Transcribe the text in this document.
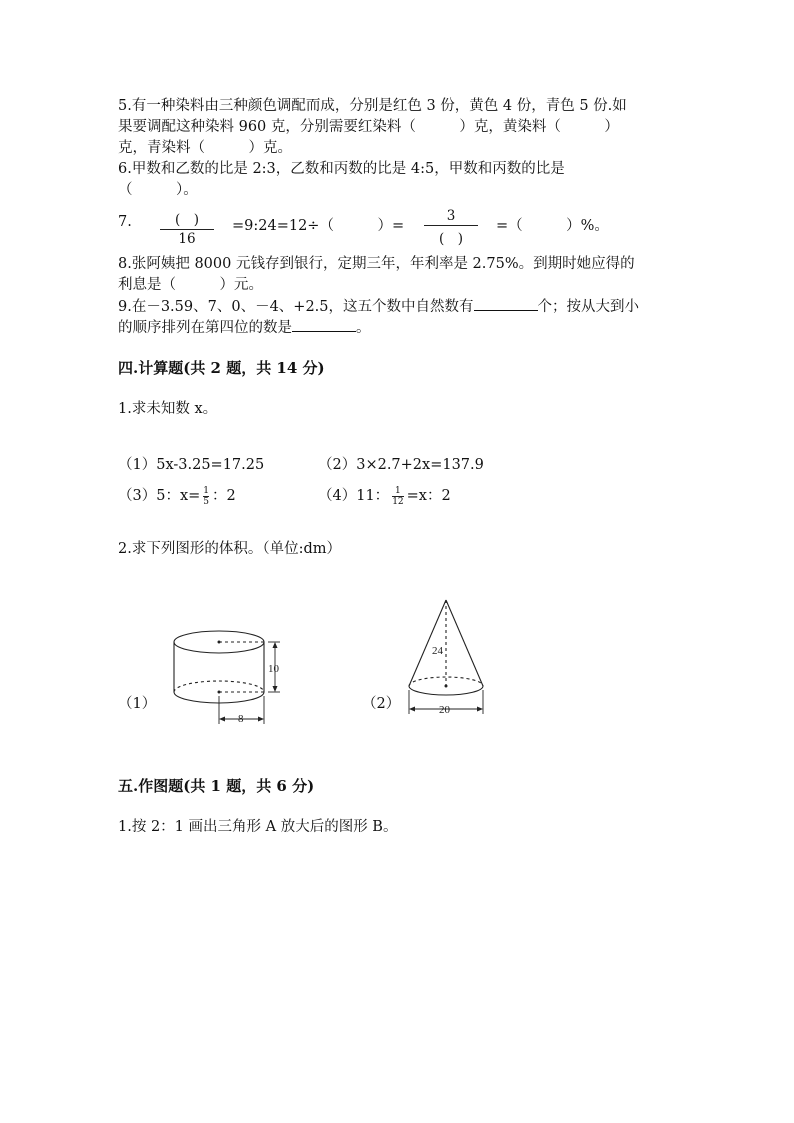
5.有一种染料由三种颜色调配而成，分别是红色 3 份，黄色 4 份，青色 5 份.如
果要调配这种染料 960 克，分别需要红染料（　　　）克，黄染料（　　　）
克，青染料（　　　）克。
6.甲数和乙数的比是 2:3，乙数和丙数的比是 4:5，甲数和丙数的比是
（　　　）。
7.	(　)
16
=9:24=12÷（　　　）=
3
(　)
=（　　　）%。
8.张阿姨把 8000 元钱存到银行，定期三年，年利率是 2.75%。到期时她应得的
利息是（　　　）元。
9.在－3.59、7、0、－4、+2.5，这五个数中自然数有	个；按从大到小
的顺序排列在第四位的数是	。
四.计算题(共 2 题，共 14 分)
1.求未知数 x。
（1）5x-3.25=17.25	（2）3×2.7+2x=137.9
（3）5：$x= \frac{1}{5}$ ：2	（4）11： $\frac{1}{12} =x$：2
2.求下列图形的体积。（单位:dm）
（1）
10
8
（2）
24
20
五.作图题(共 1 题，共 6 分)
1.按 2：1 画出三角形 A 放大后的图形 B。
